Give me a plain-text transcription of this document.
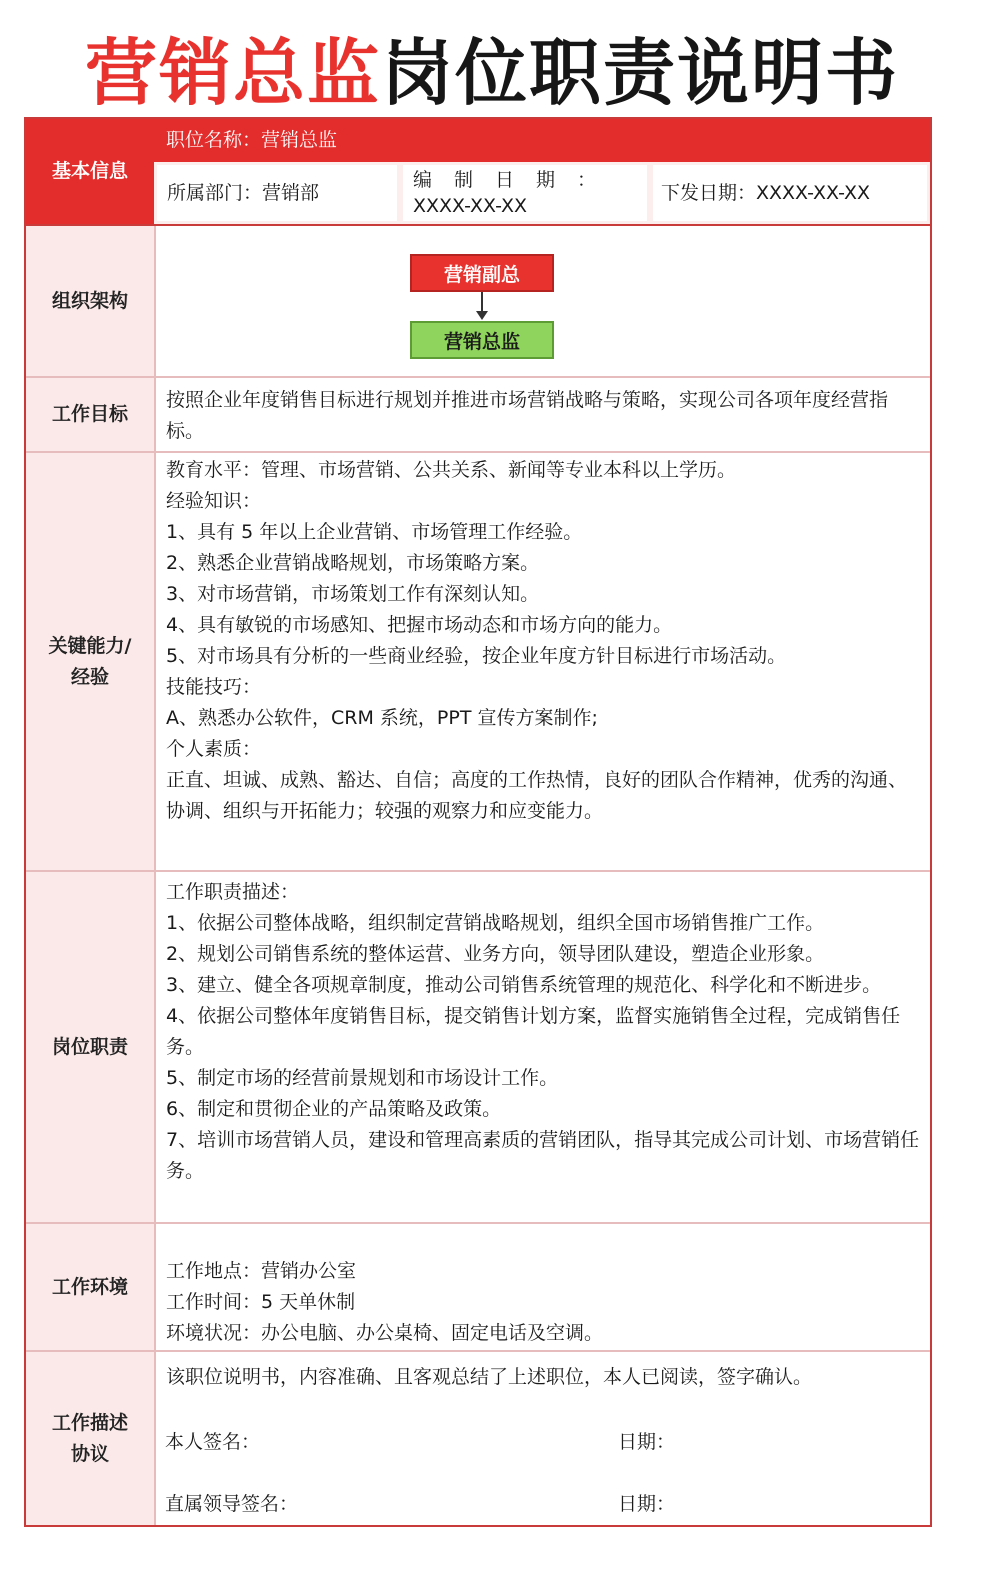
营销总监岗位职责说明书
基本信息
职位名称：营销总监
所属部门：营销部
编制日期：
XXXX-XX-XX
下发日期：XXXX-XX-XX
组织架构
营销副总
营销总监
工作目标
按照企业年度销售目标进行规划并推进市场营销战略与策略，实现公司各项年度经营指标。
关键能力/
经验
教育水平：管理、市场营销、公共关系、新闻等专业本科以上学历。
经验知识：
1、具有 5 年以上企业营销、市场管理工作经验。
2、熟悉企业营销战略规划，市场策略方案。
3、对市场营销，市场策划工作有深刻认知。
4、具有敏锐的市场感知、把握市场动态和市场方向的能力。
5、对市场具有分析的一些商业经验，按企业年度方针目标进行市场活动。
技能技巧：
A、熟悉办公软件，CRM 系统，PPT 宣传方案制作;
个人素质：
正直、坦诚、成熟、豁达、自信；高度的工作热情，良好的团队合作精神，优秀的沟通、协调、组织与开拓能力；较强的观察力和应变能力。
岗位职责
工作职责描述：
1、依据公司整体战略，组织制定营销战略规划，组织全国市场销售推广工作。
2、规划公司销售系统的整体运营、业务方向，领导团队建设，塑造企业形象。
3、建立、健全各项规章制度，推动公司销售系统管理的规范化、科学化和不断进步。
4、依据公司整体年度销售目标，提交销售计划方案，监督实施销售全过程，完成销售任务。
5、制定市场的经营前景规划和市场设计工作。
6、制定和贯彻企业的产品策略及政策。
7、培训市场营销人员，建设和管理高素质的营销团队，指导其完成公司计划、市场营销任务。
工作环境
工作地点：营销办公室
工作时间：5 天单休制
环境状况：办公电脑、办公桌椅、固定电话及空调。
工作描述
协议
该职位说明书，内容准确、且客观总结了上述职位，本人已阅读，签字确认。
本人签名：	日期：
直属领导签名：	日期：
